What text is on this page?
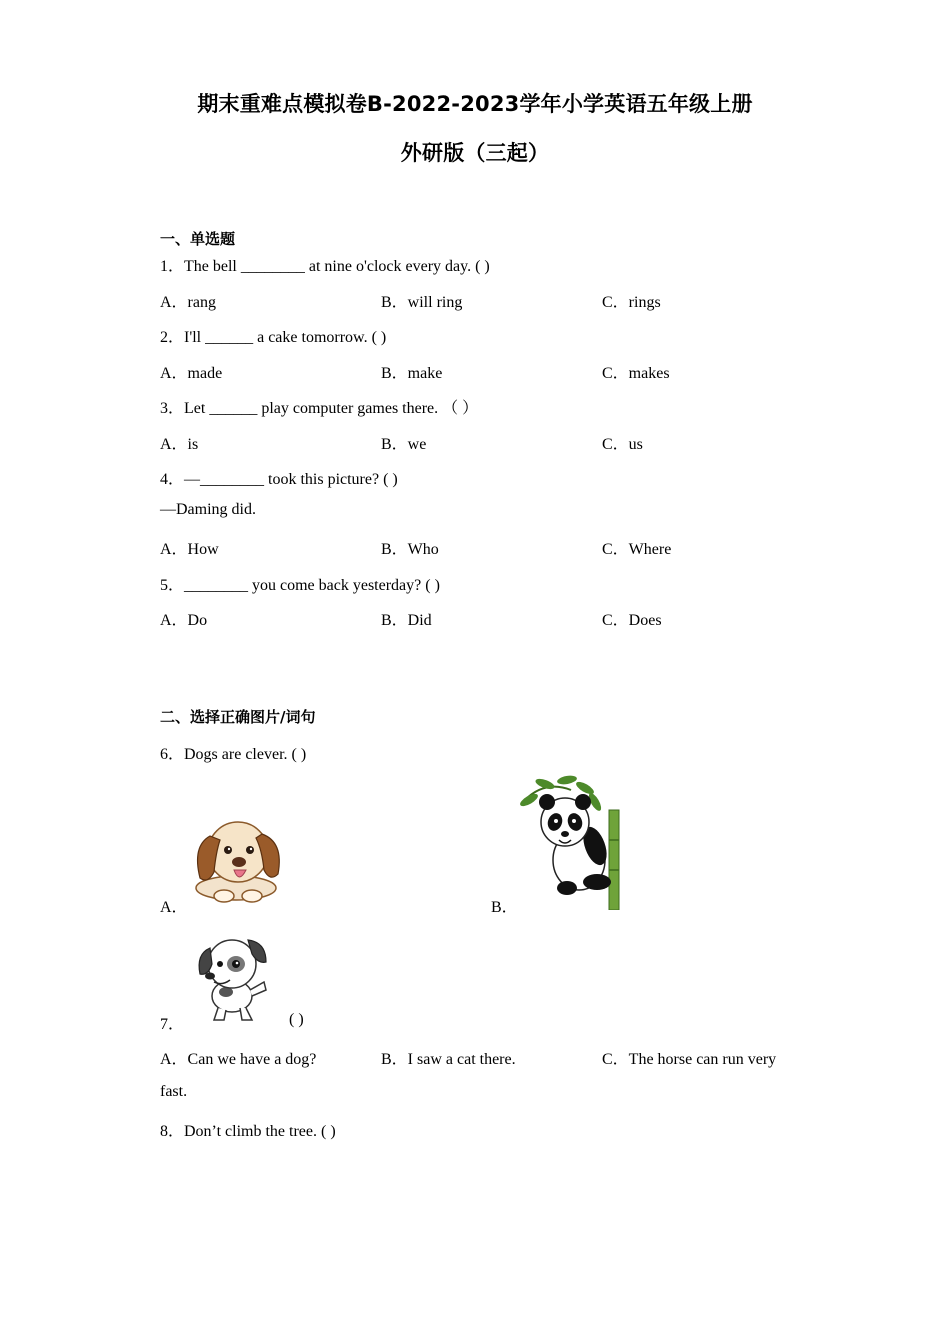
期末重难点模拟卷B-2022-2023学年小学英语五年级上册
外研版（三起）
一、单选题
1．The bell ________ at nine o'clock every day. ( )
A．rang	B．will ring	C．rings
2．I'll ______ a cake tomorrow. ( )
A．made	B．make	C．makes
3．Let ______ play computer games there. （ ）
A．is	B．we	C．us
4．—________ took this picture? ( )
—Daming did.
A．How	B．Who	C．Where
5．________ you come back yesterday? ( )
A．Do	B．Did	C．Does
二、选择正确图片/词句
6．Dogs are clever. ( )
A．	B．
7．	( )
A．Can we have a dog?	B．I saw a cat there.	C．The horse can run very
fast.
8．Don’t climb the tree. ( )
